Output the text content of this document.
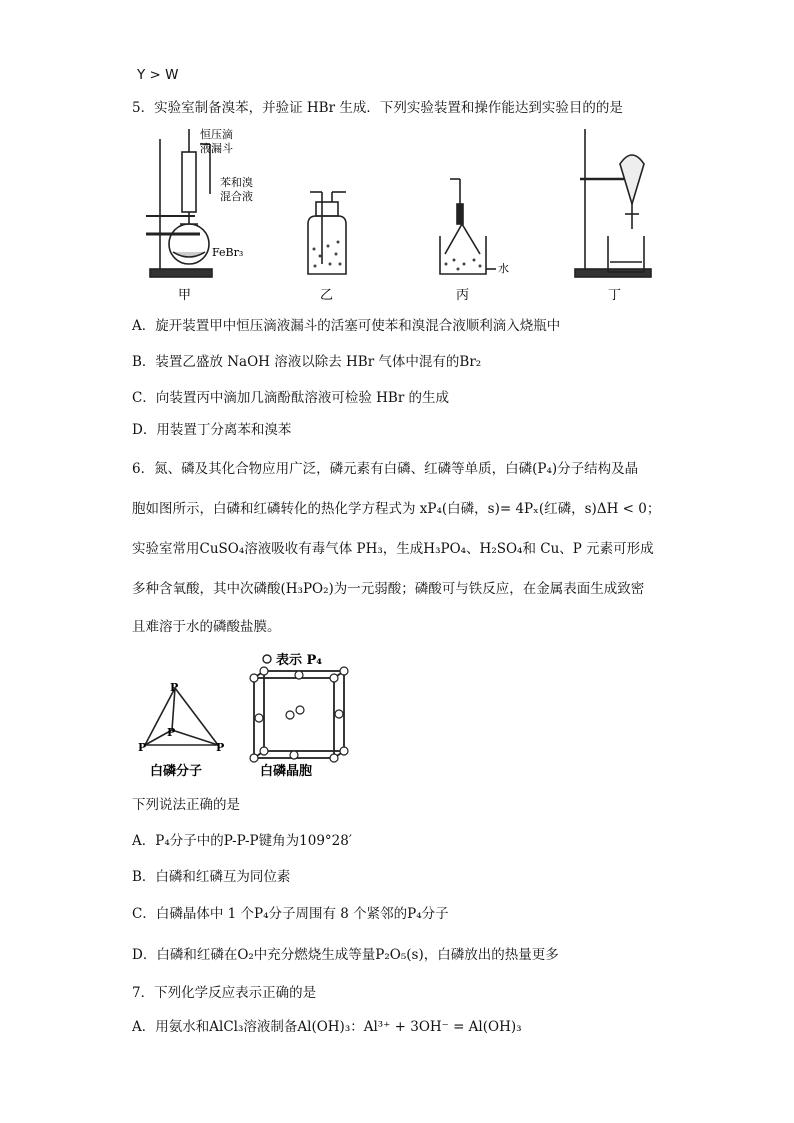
Y > W
5．实验室制备溴苯，并验证 HBr 生成．下列实验装置和操作能达到实验目的的是
恒压滴
液漏斗
苯和溴
混合液
FeBr₃
水
甲	乙	丙	丁
A．旋开装置甲中恒压滴液漏斗的活塞可使苯和溴混合液顺利滴入烧瓶中
B．装置乙盛放 NaOH 溶液以除去 HBr 气体中混有的Br₂
C．向装置丙中滴加几滴酚酞溶液可检验 HBr 的生成
D．用装置丁分离苯和溴苯
6．氮、磷及其化合物应用广泛，磷元素有白磷、红磷等单质，白磷(P₄)分子结构及晶
胞如图所示，白磷和红磷转化的热化学方程式为 xP₄(白磷，s)= 4Pₓ(红磷，s)ΔH < 0；
实验室常用CuSO₄溶液吸收有毒气体 PH₃，生成H₃PO₄、H₂SO₄和 Cu、P 元素可形成
多种含氧酸，其中次磷酸(H₃PO₂)为一元弱酸；磷酸可与铁反应，在金属表面生成致密
且难溶于水的磷酸盐膜。
表示 P₄
P
P
P	P
白磷分子	白磷晶胞
下列说法正确的是
A．P₄分子中的P-P-P键角为109°28′
B．白磷和红磷互为同位素
C．白磷晶体中 1 个P₄分子周围有 8 个紧邻的P₄分子
D．白磷和红磷在O₂中充分燃烧生成等量P₂O₅(s)，白磷放出的热量更多
7．下列化学反应表示正确的是
A．用氨水和AlCl₃溶液制备Al(OH)₃：Al³⁺ + 3OH⁻ = Al(OH)₃
